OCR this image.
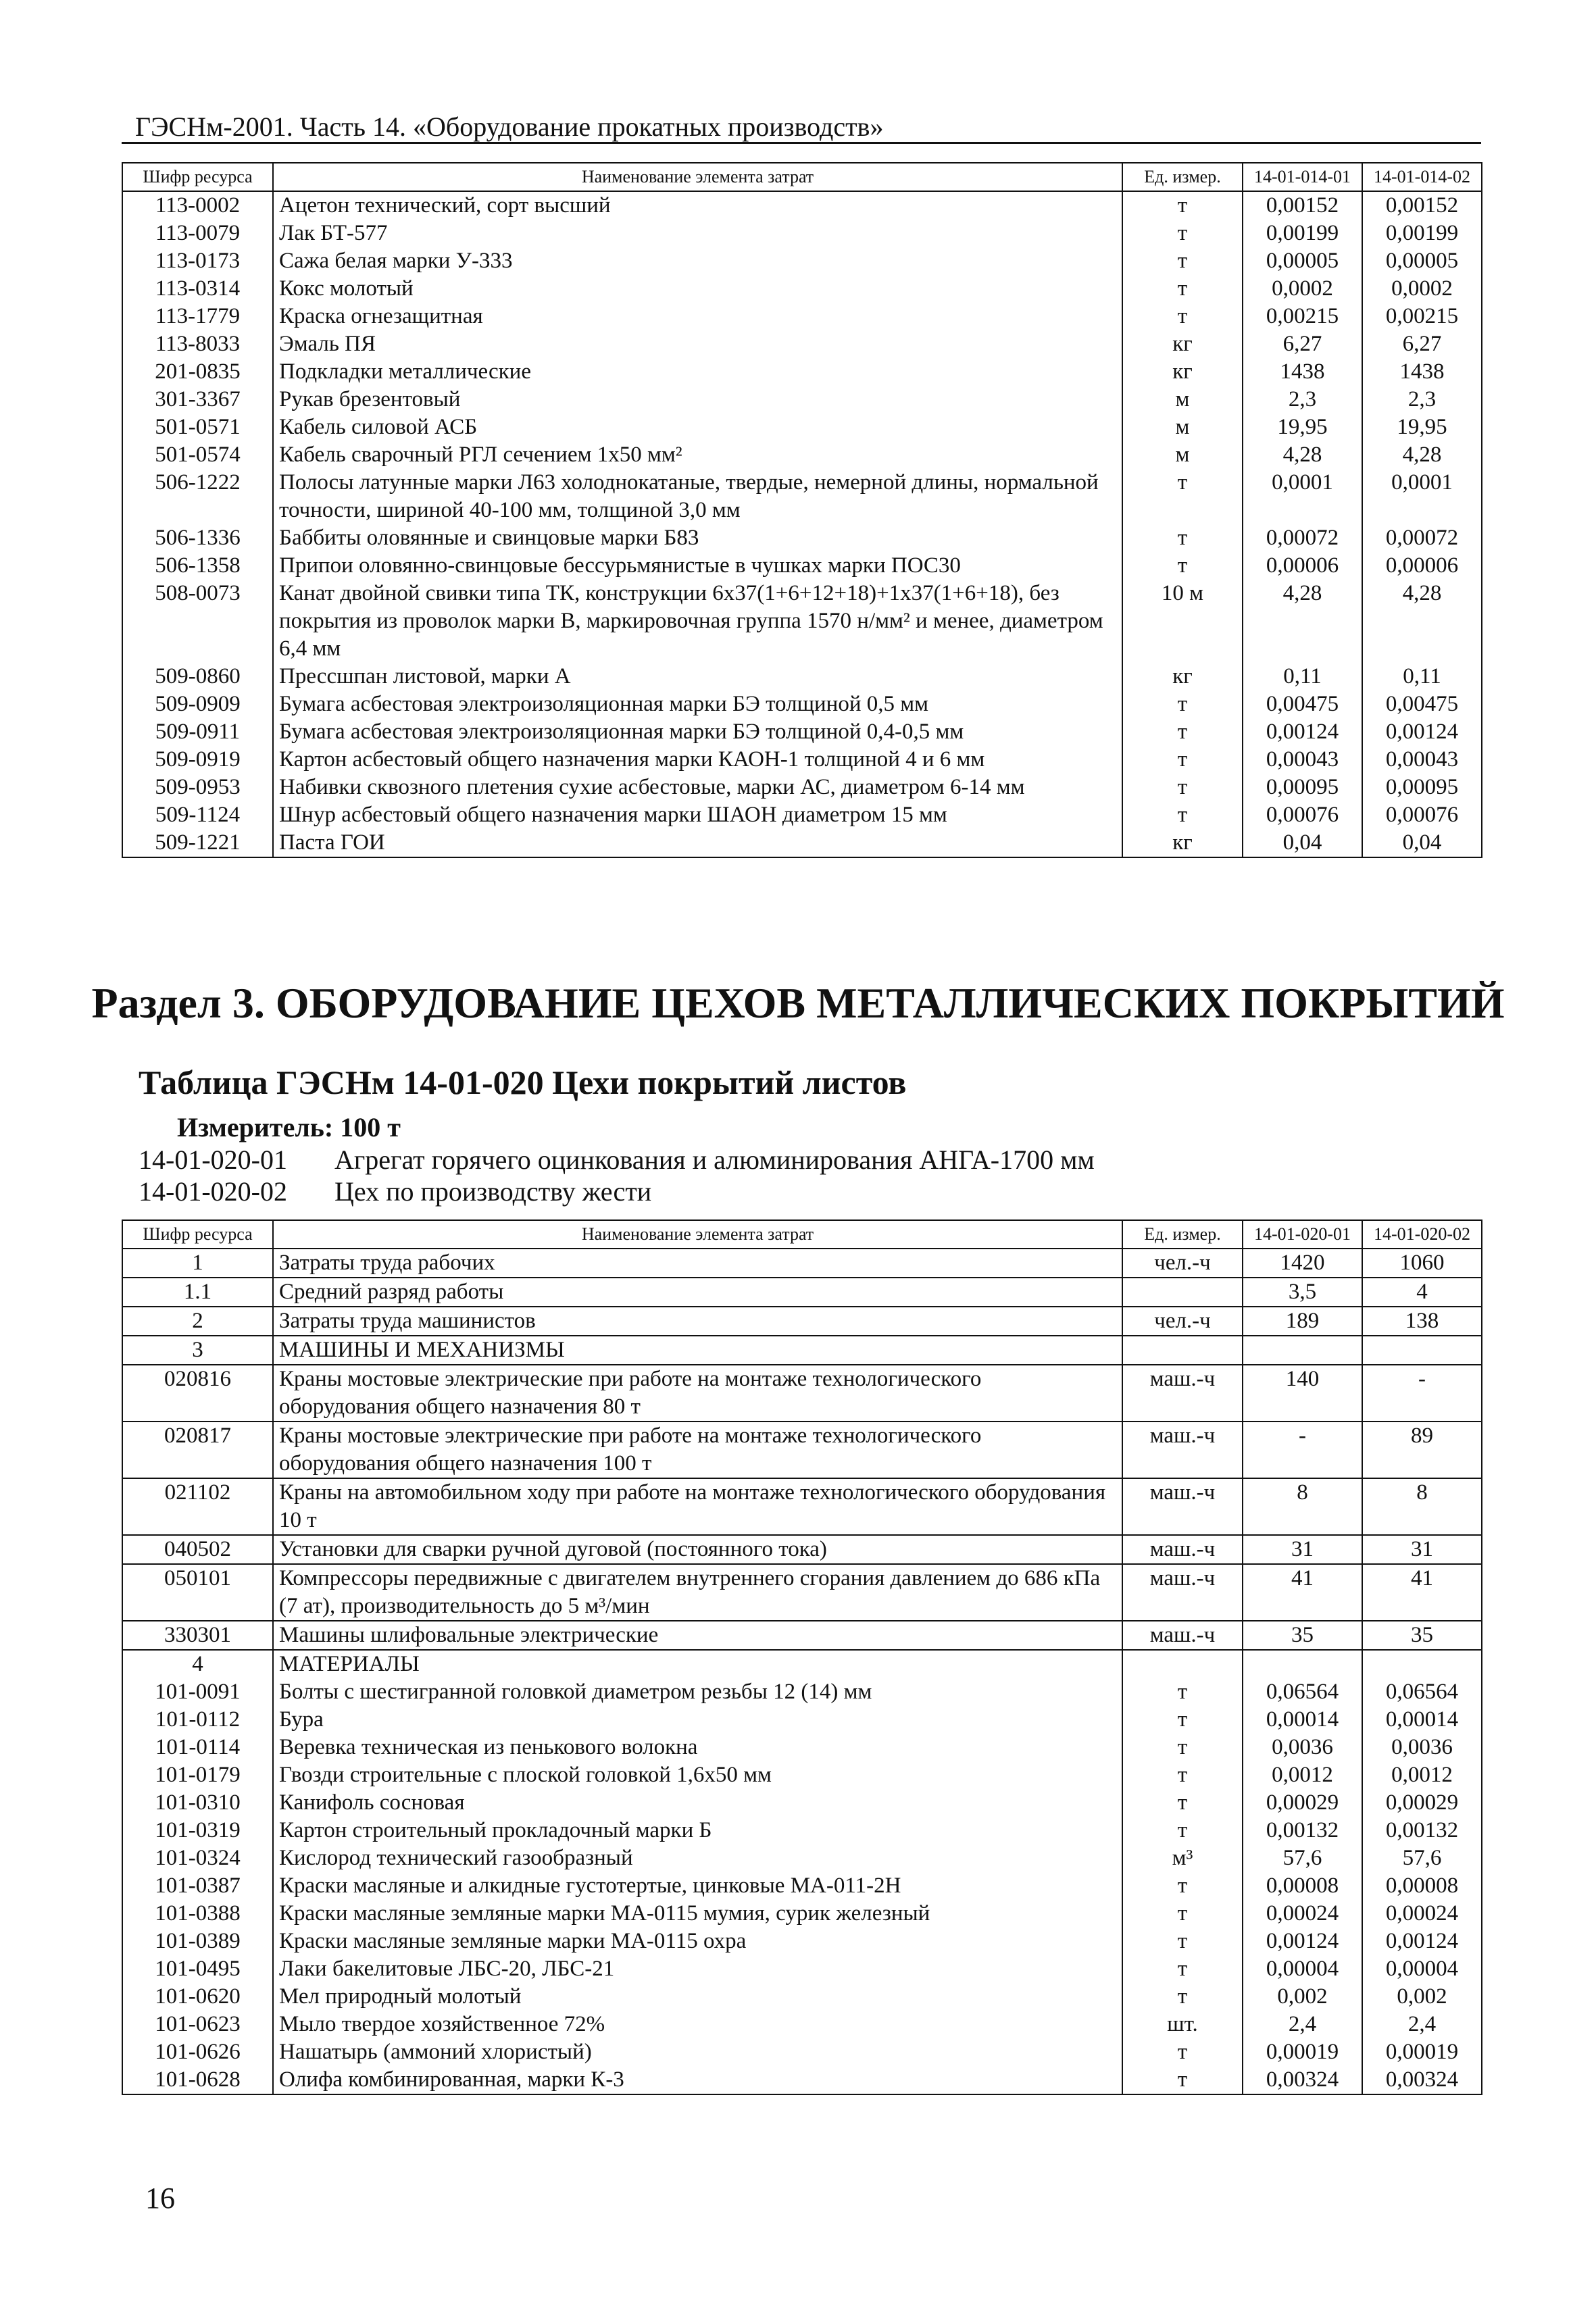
ГЭСНм-2001. Часть 14. «Оборудование прокатных производств»
Шифр ресурса	Наименование элемента затрат	Ед. измер.	14-01-014-01	14-01-014-02
113-0002	Ацетон технический, сорт высший	т	0,00152	0,00152
113-0079	Лак БТ-577	т	0,00199	0,00199
113-0173	Сажа белая марки У-333	т	0,00005	0,00005
113-0314	Кокс молотый	т	0,0002	0,0002
113-1779	Краска огнезащитная	т	0,00215	0,00215
113-8033	Эмаль ПЯ	кг	6,27	6,27
201-0835	Подкладки металлические	кг	1438	1438
301-3367	Рукав брезентовый	м	2,3	2,3
501-0571	Кабель силовой АСБ	м	19,95	19,95
501-0574	Кабель сварочный РГЛ сечением 1х50 мм²	м	4,28	4,28
506-1222	Полосы латунные марки Л63 холоднокатаные, твердые, немерной длины, нормальной точности, шириной 40-100 мм, толщиной 3,0 мм	т	0,0001	0,0001
506-1336	Баббиты оловянные и свинцовые марки Б83	т	0,00072	0,00072
506-1358	Припои оловянно-свинцовые бессурьмянистые в чушках марки ПОС30	т	0,00006	0,00006
508-0073	Канат двойной свивки типа ТК, конструкции 6х37(1+6+12+18)+1х37(1+6+18), без покрытия из проволок марки В, маркировочная группа 1570 н/мм² и менее, диаметром 6,4 мм	10 м	4,28	4,28
509-0860	Прессшпан листовой, марки А	кг	0,11	0,11
509-0909	Бумага асбестовая электроизоляционная марки БЭ толщиной 0,5 мм	т	0,00475	0,00475
509-0911	Бумага асбестовая электроизоляционная марки БЭ толщиной 0,4-0,5 мм	т	0,00124	0,00124
509-0919	Картон асбестовый общего назначения марки КАОН-1 толщиной 4 и 6 мм	т	0,00043	0,00043
509-0953	Набивки сквозного плетения сухие асбестовые, марки АС, диаметром 6-14 мм	т	0,00095	0,00095
509-1124	Шнур асбестовый общего назначения марки ШАОН диаметром 15 мм	т	0,00076	0,00076
509-1221	Паста ГОИ	кг	0,04	0,04
Раздел 3. ОБОРУДОВАНИЕ ЦЕХОВ МЕТАЛЛИЧЕСКИХ ПОКРЫТИЙ
Таблица ГЭСНм 14-01-020 Цехи покрытий листов
Измеритель: 100 т
14-01-020-01 Агрегат горячего оцинкования и алюминирования АНГА-1700 мм
14-01-020-02 Цех по производству жести
Шифр ресурса	Наименование элемента затрат	Ед. измер.	14-01-020-01	14-01-020-02
1	Затраты труда рабочих	чел.-ч	1420	1060
1.1	Средний разряд работы		3,5	4
2	Затраты труда машинистов	чел.-ч	189	138
3	МАШИНЫ И МЕХАНИЗМЫ			
020816	Краны мостовые электрические при работе на монтаже технологического оборудования общего назначения 80 т	маш.-ч	140	-
020817	Краны мостовые электрические при работе на монтаже технологического оборудования общего назначения 100 т	маш.-ч	-	89
021102	Краны на автомобильном ходу при работе на монтаже технологического оборудования 10 т	маш.-ч	8	8
040502	Установки для сварки ручной дуговой (постоянного тока)	маш.-ч	31	31
050101	Компрессоры передвижные с двигателем внутреннего сгорания давлением до 686 кПа (7 ат), производительность до 5 м³/мин	маш.-ч	41	41
330301	Машины шлифовальные электрические	маш.-ч	35	35
4	МАТЕРИАЛЫ			
101-0091	Болты с шестигранной головкой диаметром резьбы 12 (14) мм	т	0,06564	0,06564
101-0112	Бура	т	0,00014	0,00014
101-0114	Веревка техническая из пенькового волокна	т	0,0036	0,0036
101-0179	Гвозди строительные с плоской головкой 1,6х50 мм	т	0,0012	0,0012
101-0310	Канифоль сосновая	т	0,00029	0,00029
101-0319	Картон строительный прокладочный марки Б	т	0,00132	0,00132
101-0324	Кислород технический газообразный	м³	57,6	57,6
101-0387	Краски масляные и алкидные густотертые, цинковые МА-011-2Н	т	0,00008	0,00008
101-0388	Краски масляные земляные марки МА-0115 мумия, сурик железный	т	0,00024	0,00024
101-0389	Краски масляные земляные марки МА-0115 охра	т	0,00124	0,00124
101-0495	Лаки бакелитовые ЛБС-20, ЛБС-21	т	0,00004	0,00004
101-0620	Мел природный молотый	т	0,002	0,002
101-0623	Мыло твердое хозяйственное 72%	шт.	2,4	2,4
101-0626	Нашатырь (аммоний хлористый)	т	0,00019	0,00019
101-0628	Олифа комбинированная, марки К-3	т	0,00324	0,00324
16
